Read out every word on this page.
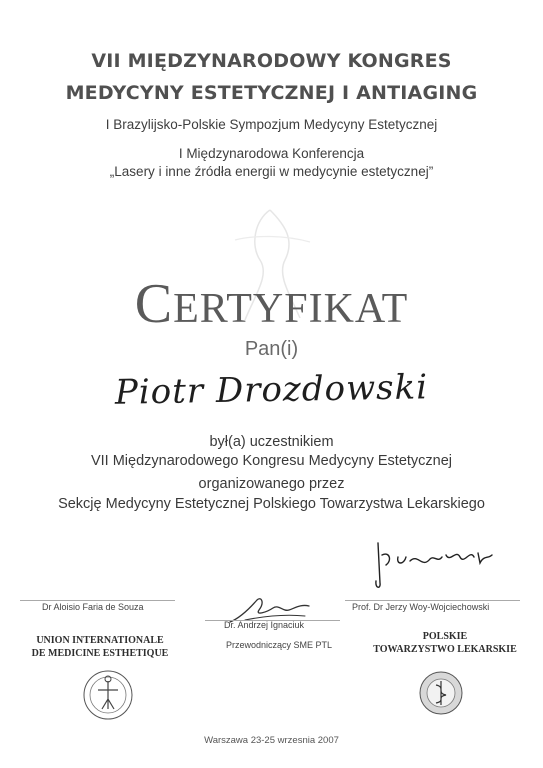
VII MIĘDZYNARODOWY KONGRES
MEDYCYNY ESTETYCZNEJ I ANTIAGING
I Brazylijsko-Polskie Sympozjum Medycyny Estetycznej
I Międzynarodowa Konferencja
„Lasery i inne źródła energii w medycynie estetycznej”
CERTYFIKAT
Pan(i)
Piotr Drozdowski
był(a) uczestnikiem
VII Międzynarodowego Kongresu Medycyny Estetycznej
organizowanego przez
Sekcję Medycyny Estetycznej Polskiego Towarzystwa Lekarskiego
Dr Aloisio Faria de Souza
Dr. Andrzej Ignaciuk
Prof. Dr Jerzy Woy-Wojciechowski
Przewodniczący SME PTL
UNION INTERNATIONALE
DE MEDICINE ESTHETIQUE
POLSKIE
TOWARZYSTWO LEKARSKIE
Warszawa 23-25 wrzesnia 2007
